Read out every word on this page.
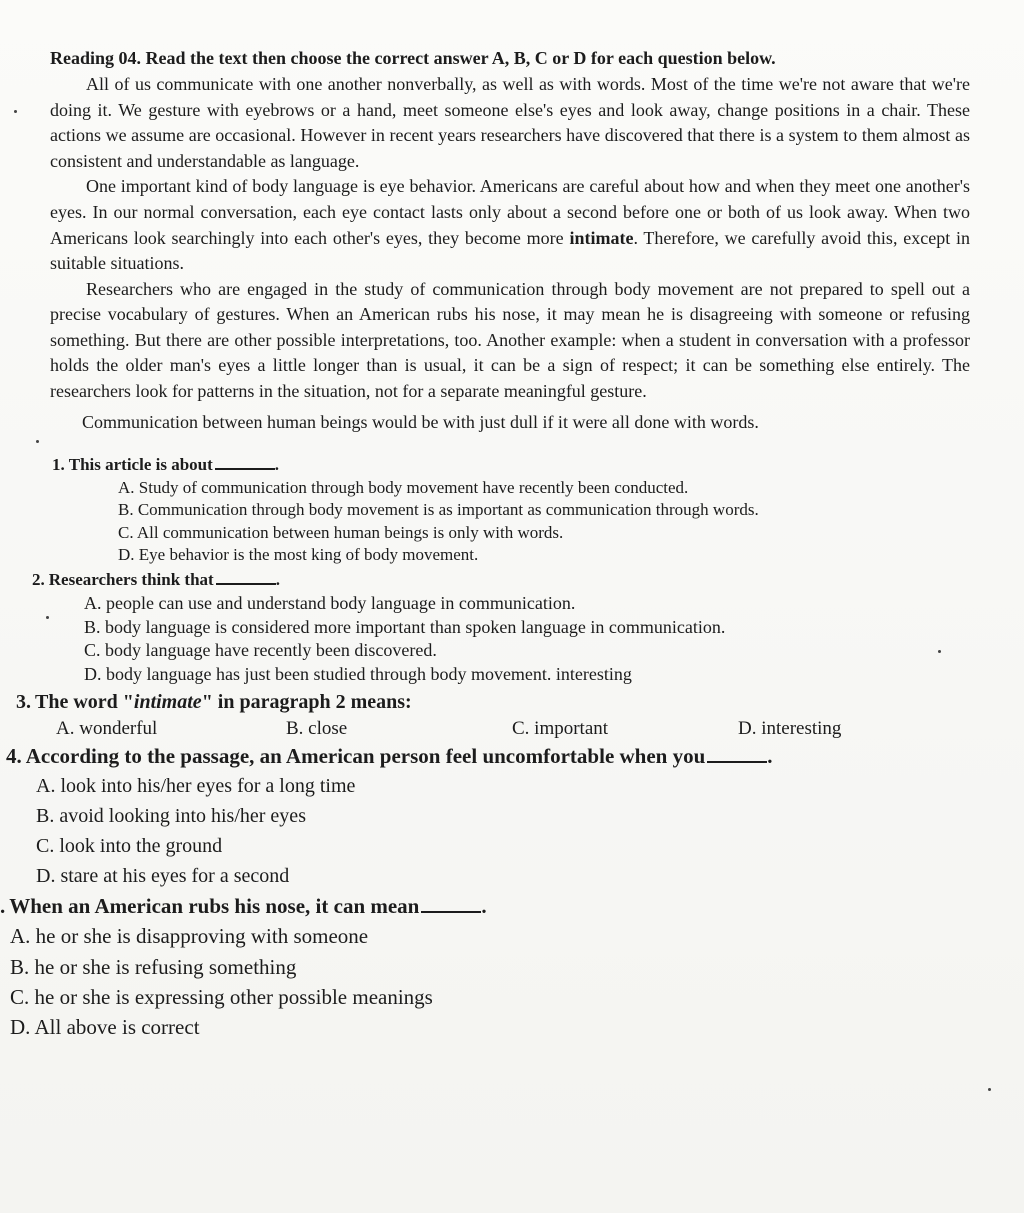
Reading 04. Read the text then choose the correct answer A, B, C or D for each question below.

All of us communicate with one another nonverbally, as well as with words. Most of the time we're not aware that we're doing it. We gesture with eyebrows or a hand, meet someone else's eyes and look away, change positions in a chair. These actions we assume are occasional. However in recent years researchers have discovered that there is a system to them almost as consistent and understandable as language.

One important kind of body language is eye behavior. Americans are careful about how and when they meet one another's eyes. In our normal conversation, each eye contact lasts only about a second before one or both of us look away. When two Americans look searchingly into each other's eyes, they become more intimate. Therefore, we carefully avoid this, except in suitable situations.

Researchers who are engaged in the study of communication through body movement are not prepared to spell out a precise vocabulary of gestures. When an American rubs his nose, it may mean he is disagreeing with someone or refusing something. But there are other possible interpretations, too. Another example: when a student in conversation with a professor holds the older man's eyes a little longer than is usual, it can be a sign of respect; it can be something else entirely. The researchers look for patterns in the situation, not for a separate meaningful gesture.

Communication between human beings would be with just dull if it were all done with words.

1. This article is about	.

A. Study of communication through body movement have recently been conducted.

B. Communication through body movement is as important as communication through words.

C. All communication between human beings is only with words.

D. Eye behavior is the most king of body movement.

2. Researchers think that	.

A. people can use and understand body language in communication.

B. body language is considered more important than spoken language in communication.

C. body language have recently been discovered.

D. body language has just been studied through body movement. interesting

3. The word "intimate" in paragraph 2 means:

A. wonderful	B. close	C. important	D. interesting

4. According to the passage, an American person feel uncomfortable when you	.

A. look into his/her eyes for a long time

B. avoid looking into his/her eyes

C. look into the ground

D. stare at his eyes for a second

. When an American rubs his nose, it can mean	.

A. he or she is disapproving with someone

B. he or she is refusing something

C. he or she is expressing other possible meanings

D. All above is correct
